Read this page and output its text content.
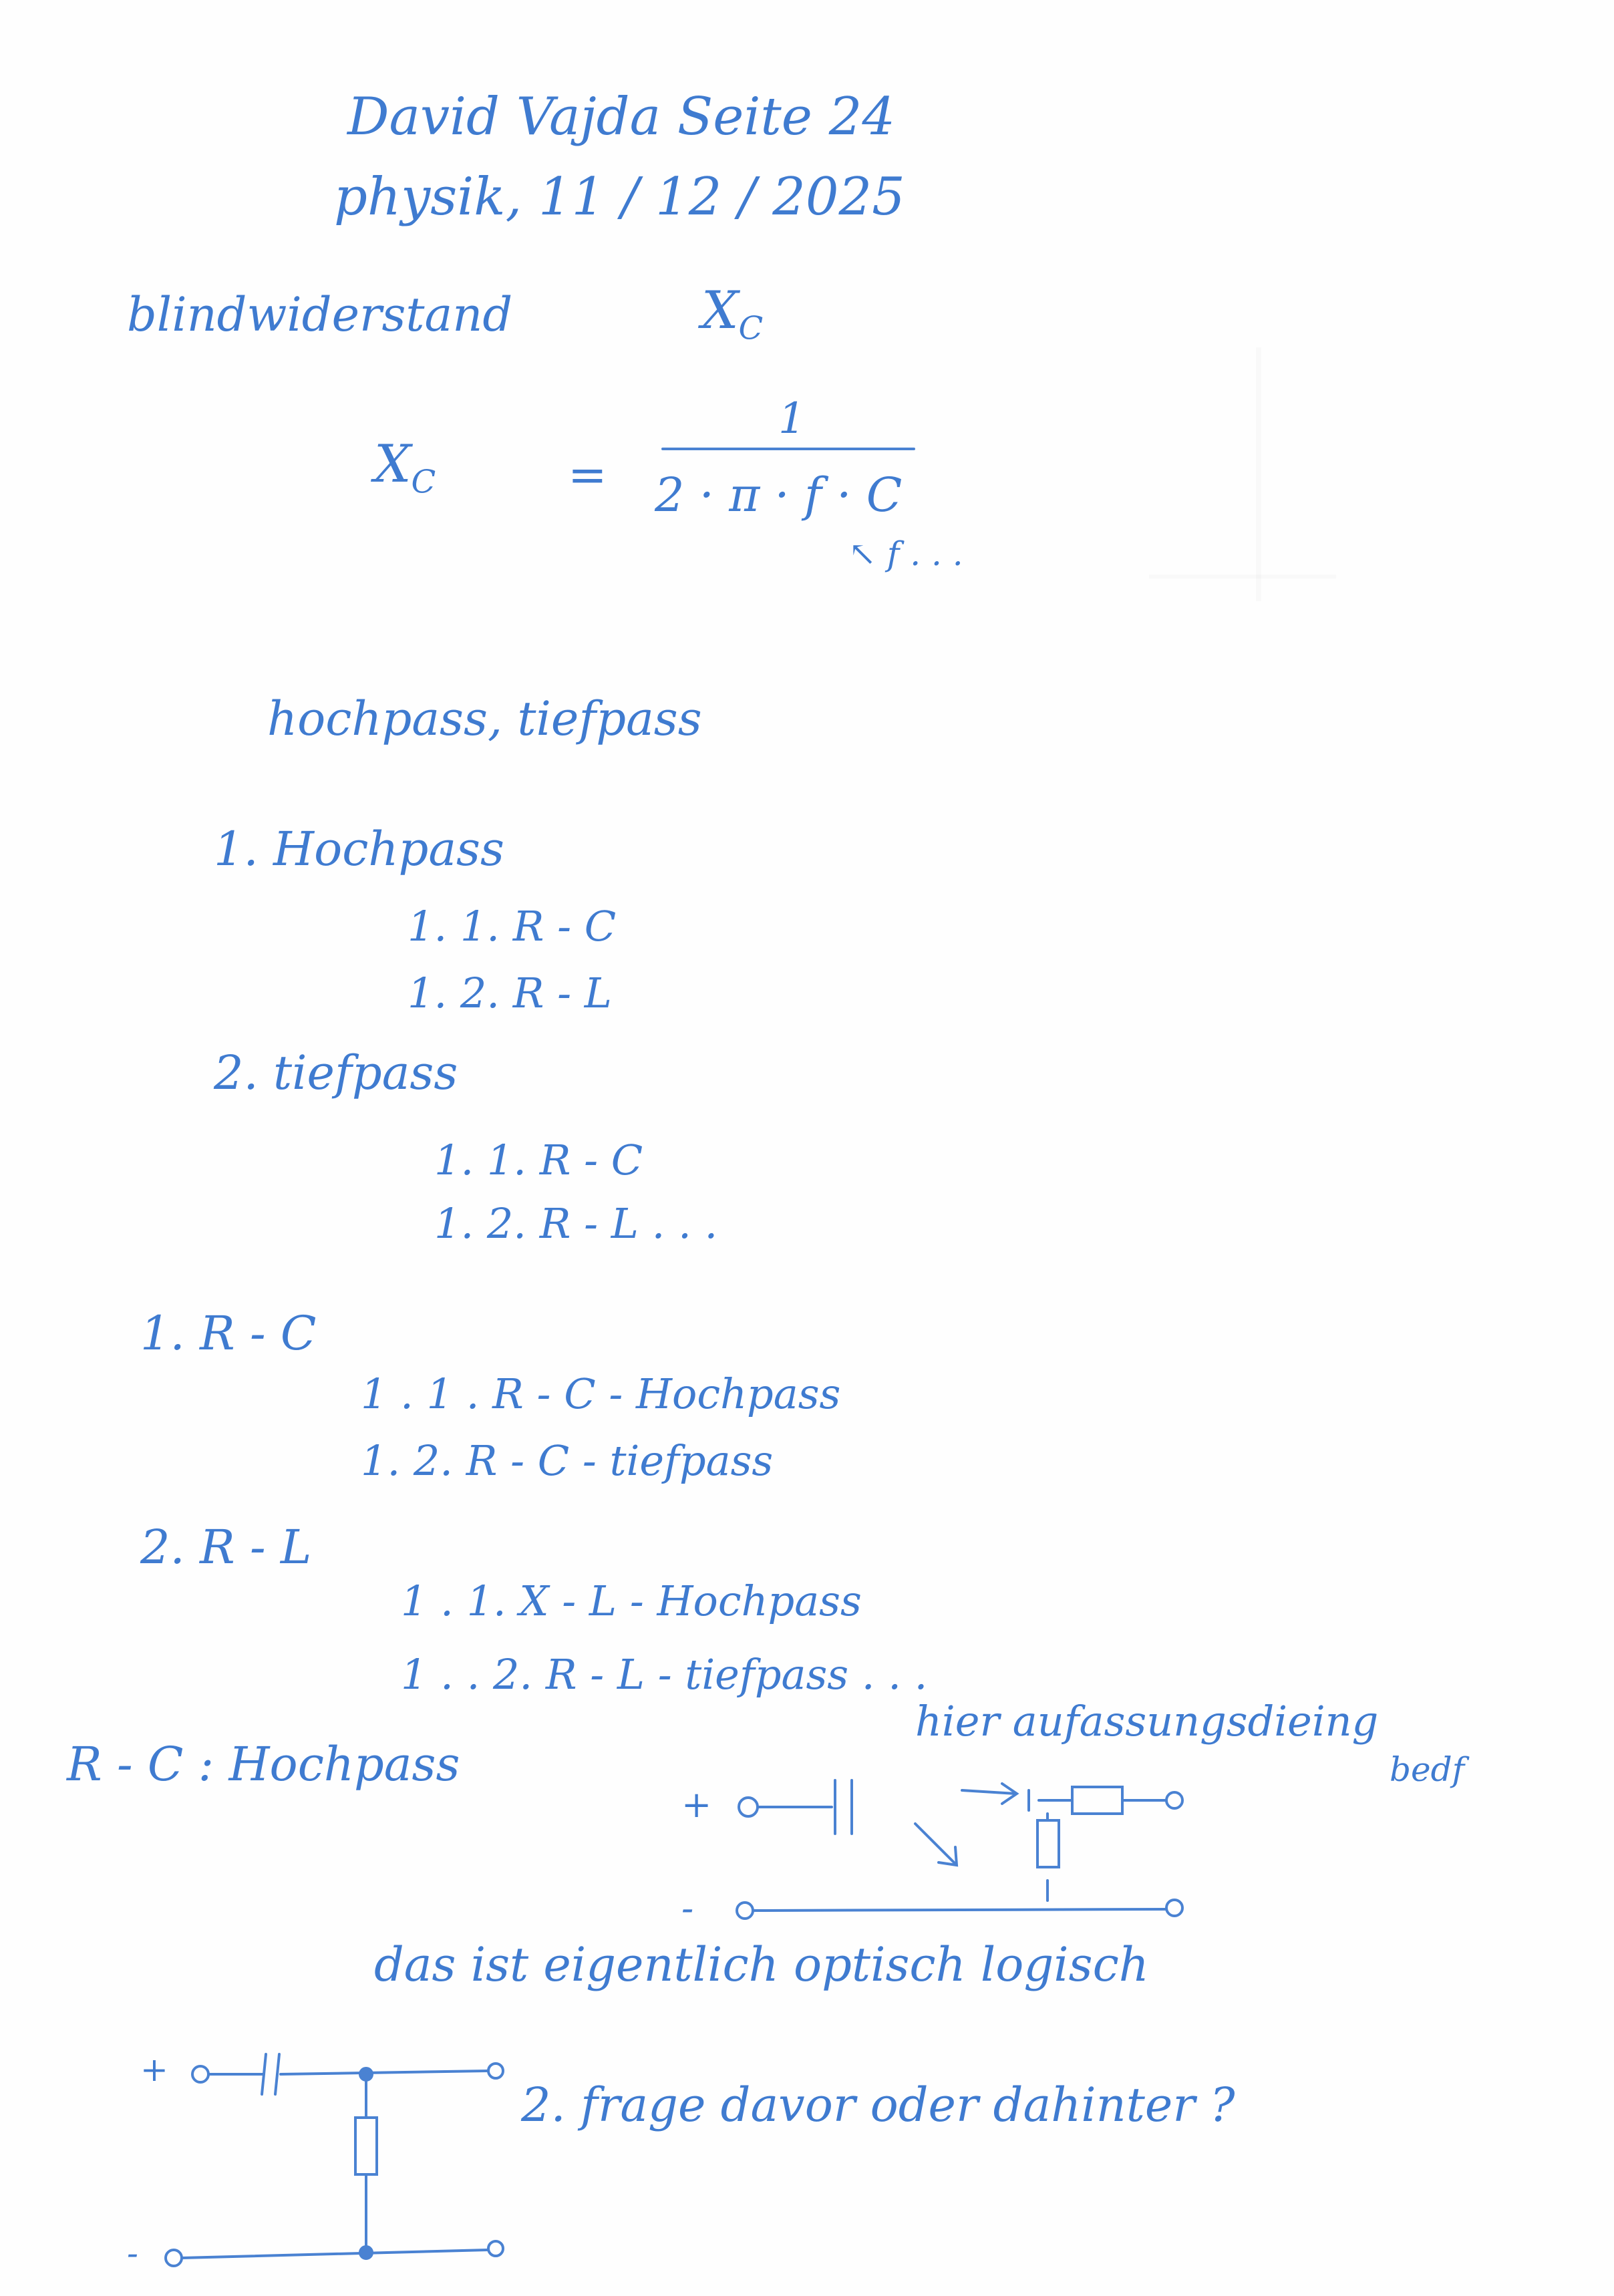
David Vajda Seite 24
physik, 11 / 12 / 2025
blindwiderstand	$X_C$
$X_C$	=
1
2 · π · f · C
↖ f . . .
hochpass, tiefpass
1. Hochpass
1. 1. R - C
1. 2. R - L
2. tiefpass
1. 1. R - C
1. 2. R - L . . .
1. R - C
1 . 1 . R - C - Hochpass
1. 2. R - C - tiefpass
2. R - L
1 . 1. X - L - Hochpass
1 . . 2. R - L - tiefpass . . .
R - C : Hochpass
hier aufassungsdieing
bedf
+
-
das ist eigentlich optisch logisch
+
-
2. frage davor oder dahinter ?
